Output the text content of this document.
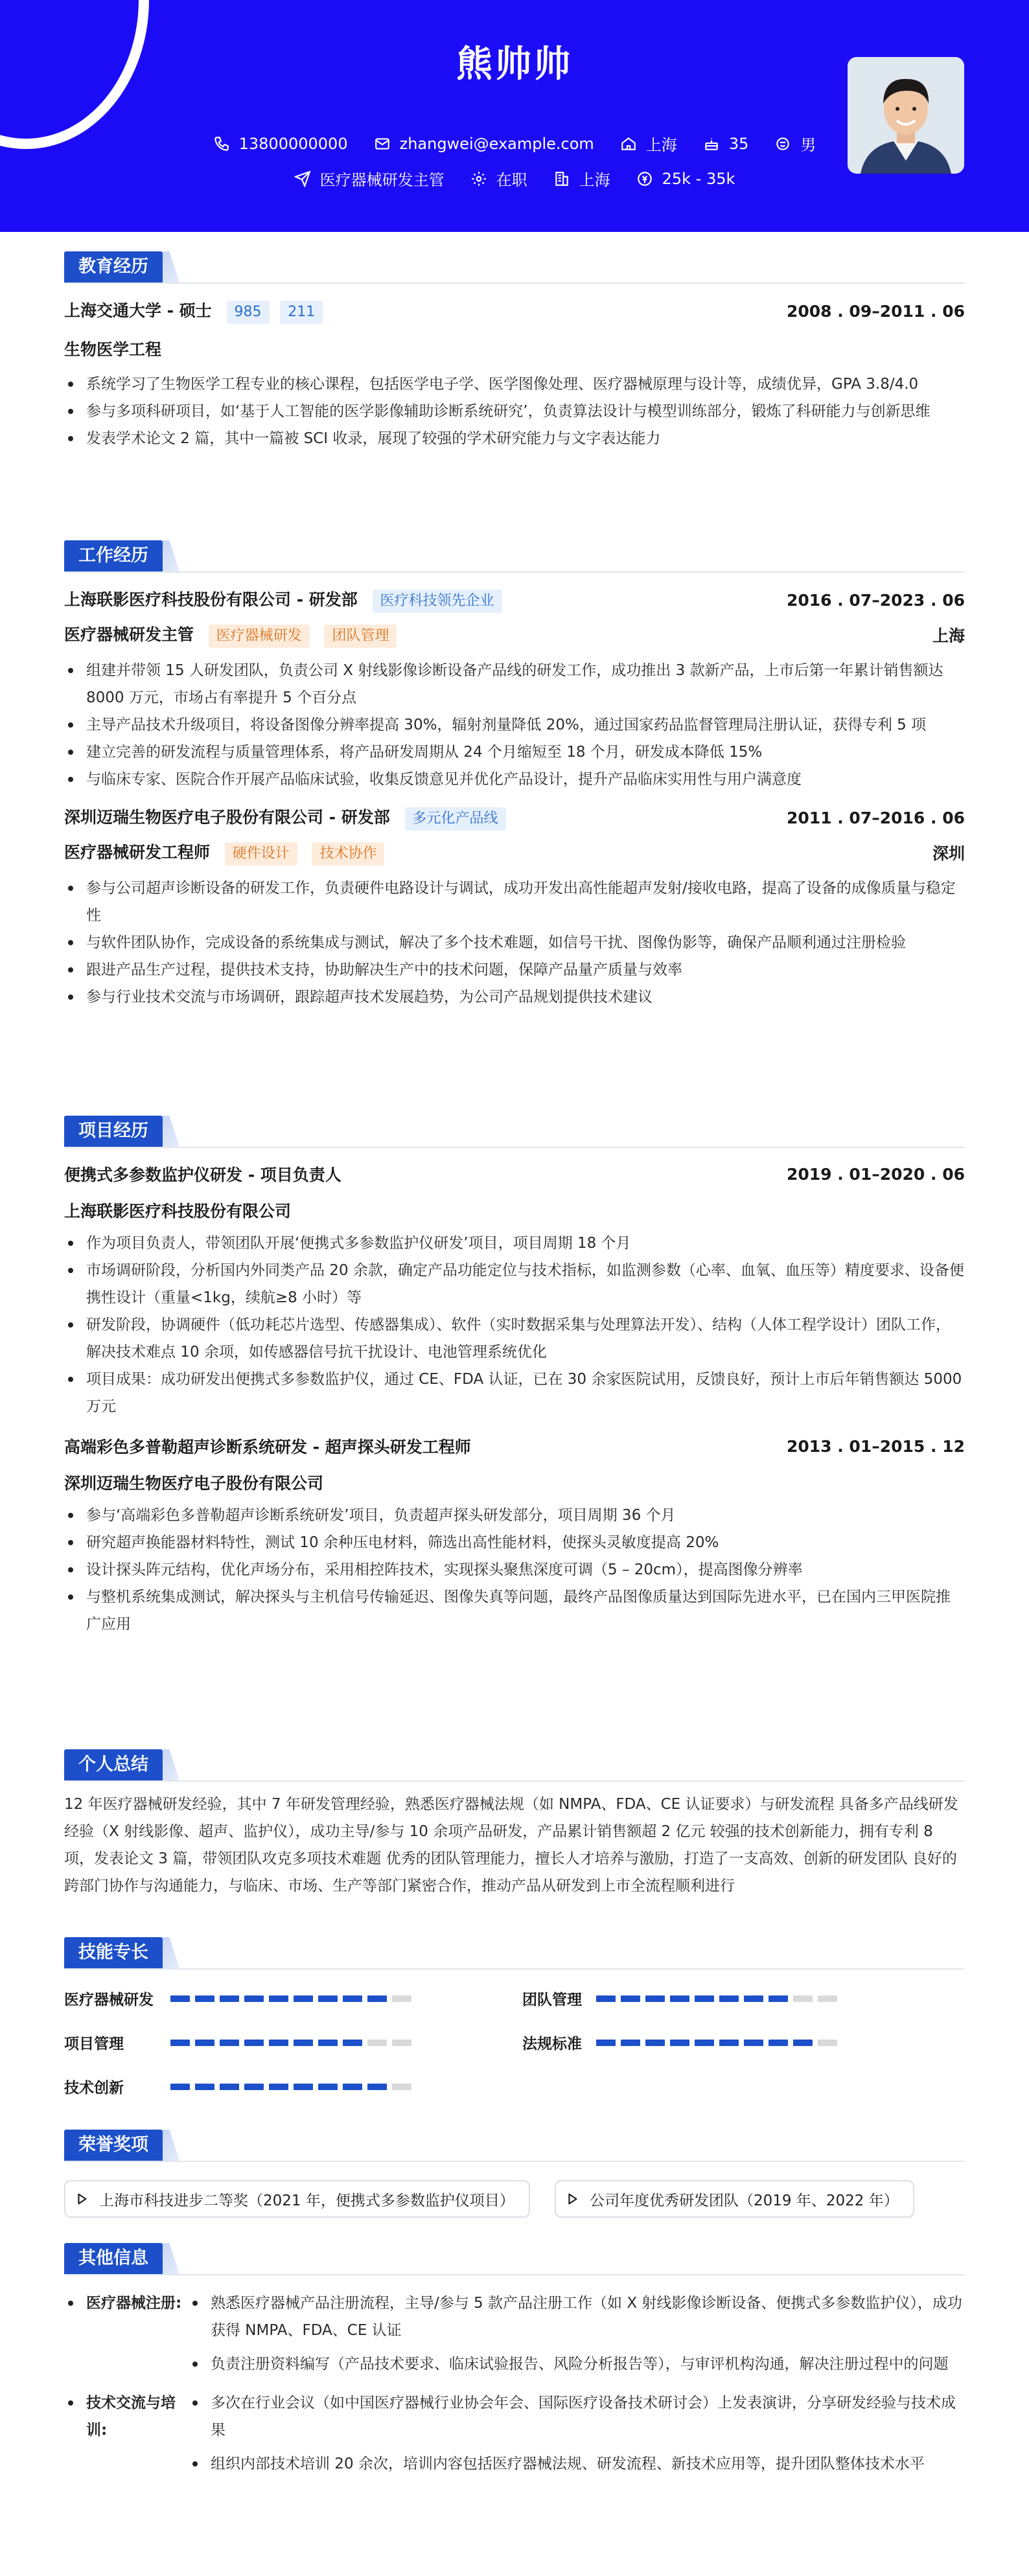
熊帅帅
13800000000	zhangwei@example.com	上海	35	男
医疗器械研发主管	在职	上海	25k - 35k
教育经历
上海交通大学 - 硕士 985 211	2008 . 09–2011 . 06
生物医学工程
系统学习了生物医学工程专业的核心课程，包括医学电子学、医学图像处理、医疗器械原理与设计等，成绩优异，GPA 3.8/4.0
参与多项科研项目，如‘基于人工智能的医学影像辅助诊断系统研究’，负责算法设计与模型训练部分，锻炼了科研能力与创新思维
发表学术论文 2 篇，其中一篇被 SCI 收录，展现了较强的学术研究能力与文字表达能力
工作经历
上海联影医疗科技股份有限公司 - 研发部 医疗科技领先企业	2016 . 07–2023 . 06
医疗器械研发主管 医疗器械研发 团队管理	上海
组建并带领 15 人研发团队，负责公司 X 射线影像诊断设备产品线的研发工作，成功推出 3 款新产品，上市后第一年累计销售额达 8000 万元，市场占有率提升 5 个百分点
主导产品技术升级项目，将设备图像分辨率提高 30%，辐射剂量降低 20%，通过国家药品监督管理局注册认证，获得专利 5 项
建立完善的研发流程与质量管理体系，将产品研发周期从 24 个月缩短至 18 个月，研发成本降低 15%
与临床专家、医院合作开展产品临床试验，收集反馈意见并优化产品设计，提升产品临床实用性与用户满意度
深圳迈瑞生物医疗电子股份有限公司 - 研发部 多元化产品线	2011 . 07–2016 . 06
医疗器械研发工程师 硬件设计 技术协作	深圳
参与公司超声诊断设备的研发工作，负责硬件电路设计与调试，成功开发出高性能超声发射/接收电路，提高了设备的成像质量与稳定性
与软件团队协作，完成设备的系统集成与测试，解决了多个技术难题，如信号干扰、图像伪影等，确保产品顺利通过注册检验
跟进产品生产过程，提供技术支持，协助解决生产中的技术问题，保障产品量产质量与效率
参与行业技术交流与市场调研，跟踪超声技术发展趋势，为公司产品规划提供技术建议
项目经历
便携式多参数监护仪研发 - 项目负责人	2019 . 01–2020 . 06
上海联影医疗科技股份有限公司
作为项目负责人，带领团队开展‘便携式多参数监护仪研发’项目，项目周期 18 个月
市场调研阶段，分析国内外同类产品 20 余款，确定产品功能定位与技术指标，如监测参数（心率、血氧、血压等）精度要求、设备便携性设计（重量<1kg，续航≥8 小时）等
研发阶段，协调硬件（低功耗芯片选型、传感器集成）、软件（实时数据采集与处理算法开发）、结构（人体工程学设计）团队工作，解决技术难点 10 余项，如传感器信号抗干扰设计、电池管理系统优化
项目成果：成功研发出便携式多参数监护仪，通过 CE、FDA 认证，已在 30 余家医院试用，反馈良好，预计上市后年销售额达 5000 万元
高端彩色多普勒超声诊断系统研发 - 超声探头研发工程师	2013 . 01–2015 . 12
深圳迈瑞生物医疗电子股份有限公司
参与‘高端彩色多普勒超声诊断系统研发’项目，负责超声探头研发部分，项目周期 36 个月
研究超声换能器材料特性，测试 10 余种压电材料，筛选出高性能材料，使探头灵敏度提高 20%
设计探头阵元结构，优化声场分布，采用相控阵技术，实现探头聚焦深度可调（5 – 20cm），提高图像分辨率
与整机系统集成测试，解决探头与主机信号传输延迟、图像失真等问题，最终产品图像质量达到国际先进水平，已在国内三甲医院推广应用
个人总结
12 年医疗器械研发经验，其中 7 年研发管理经验，熟悉医疗器械法规（如 NMPA、FDA、CE 认证要求）与研发流程 具备多产品线研发经验（X 射线影像、超声、监护仪），成功主导/参与 10 余项产品研发，产品累计销售额超 2 亿元 较强的技术创新能力，拥有专利 8 项，发表论文 3 篇，带领团队攻克多项技术难题 优秀的团队管理能力，擅长人才培养与激励，打造了一支高效、创新的研发团队 良好的跨部门协作与沟通能力，与临床、市场、生产等部门紧密合作，推动产品从研发到上市全流程顺利进行
技能专长
医疗器械研发	团队管理
项目管理	法规标准
技术创新
荣誉奖项
上海市科技进步二等奖（2021 年，便携式多参数监护仪项目）	公司年度优秀研发团队（2019 年、2022 年）
其他信息
医疗器械注册:	熟悉医疗器械产品注册流程，主导/参与 5 款产品注册工作（如 X 射线影像诊断设备、便携式多参数监护仪），成功获得 NMPA、FDA、CE 认证
负责注册资料编写（产品技术要求、临床试验报告、风险分析报告等），与审评机构沟通，解决注册过程中的问题
技术交流与培训:
多次在行业会议（如中国医疗器械行业协会年会、国际医疗设备技术研讨会）上发表演讲，分享研发经验与技术成果
组织内部技术培训 20 余次，培训内容包括医疗器械法规、研发流程、新技术应用等，提升团队整体技术水平
